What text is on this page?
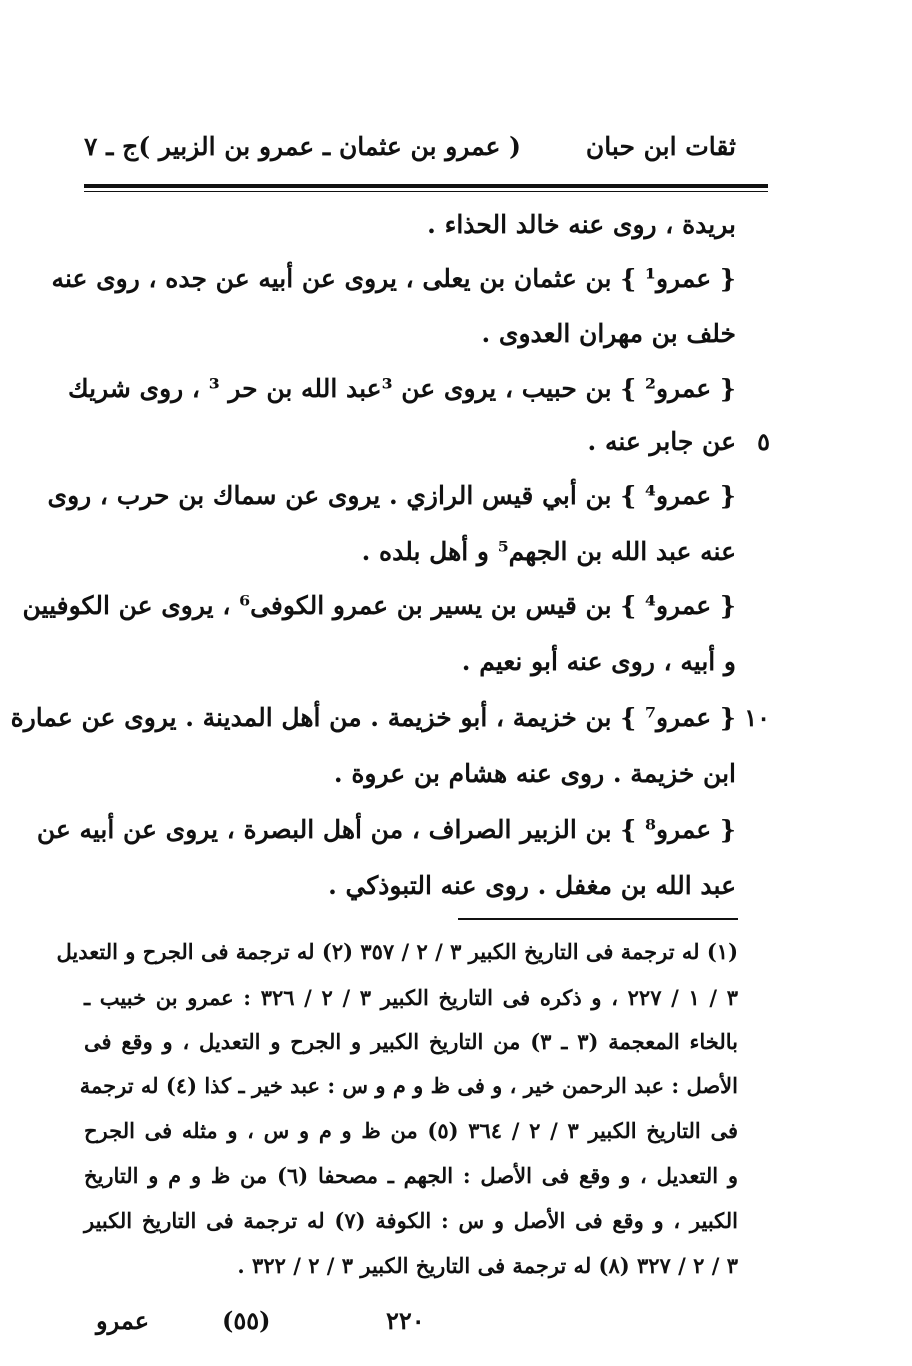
ثقات ابن حبان
( عمرو بن عثمان ـ عمرو بن الزبير )
ج ـ ٧
بريدة ، روى عنه خالد الحذاء .
{ عمرو¹ } بن عثمان بن يعلى ، يروى عن أبيه عن جده ، روى عنه
خلف بن مهران العدوى .
{ عمرو² } بن حبيب ، يروى عن ³عبد الله بن حر ³ ، روى شريك
عن جابر عنه . ٥
{ عمرو⁴ } بن أبي قيس الرازي . يروى عن سماك بن حرب ، روى
عنه عبد الله بن الجهم⁵ و أهل بلده .
{ عمرو⁴ } بن قيس بن يسير بن عمرو الكوفى⁶ ، يروى عن الكوفيين
و أبيه ، روى عنه أبو نعيم .
{ عمرو⁷ } بن خزيمة ، أبو خزيمة . من أهل المدينة . يروى عن عمارة ١٠
ابن خزيمة . روى عنه هشام بن عروة .
{ عمرو⁸ } بن الزبير الصراف ، من أهل البصرة ، يروى عن أبيه عن
عبد الله بن مغفل . روى عنه التبوذكي .
(١) له ترجمة فى التاريخ الكبير ٣ / ٢ / ٣٥٧ (٢) له ترجمة فى الجرح و التعديل
٣ / ١ / ٢٢٧ ، و ذكره فى التاريخ الكبير ٣ / ٢ / ٣٢٦ : عمرو بن خبيب ـ
بالخاء المعجمة (٣ ـ ٣) من التاريخ الكبير و الجرح و التعديل ، و وقع فى
الأصل : عبد الرحمن خير ، و فى ظ و م و س : عبد خير ـ كذا (٤) له ترجمة
فى التاريخ الكبير ٣ / ٢ / ٣٦٤ (٥) من ظ و م و س ، و مثله فى الجرح
و التعديل ، و وقع فى الأصل : الجهم ـ مصحفا (٦) من ظ و م و التاريخ
الكبير ، و وقع فى الأصل و س : الكوفة (٧) له ترجمة فى التاريخ الكبير
٣ / ٢ / ٣٢٧ (٨) له ترجمة فى التاريخ الكبير ٣ / ٢ / ٣٢٢ .
٢٢٠
(٥٥)
عمرو
